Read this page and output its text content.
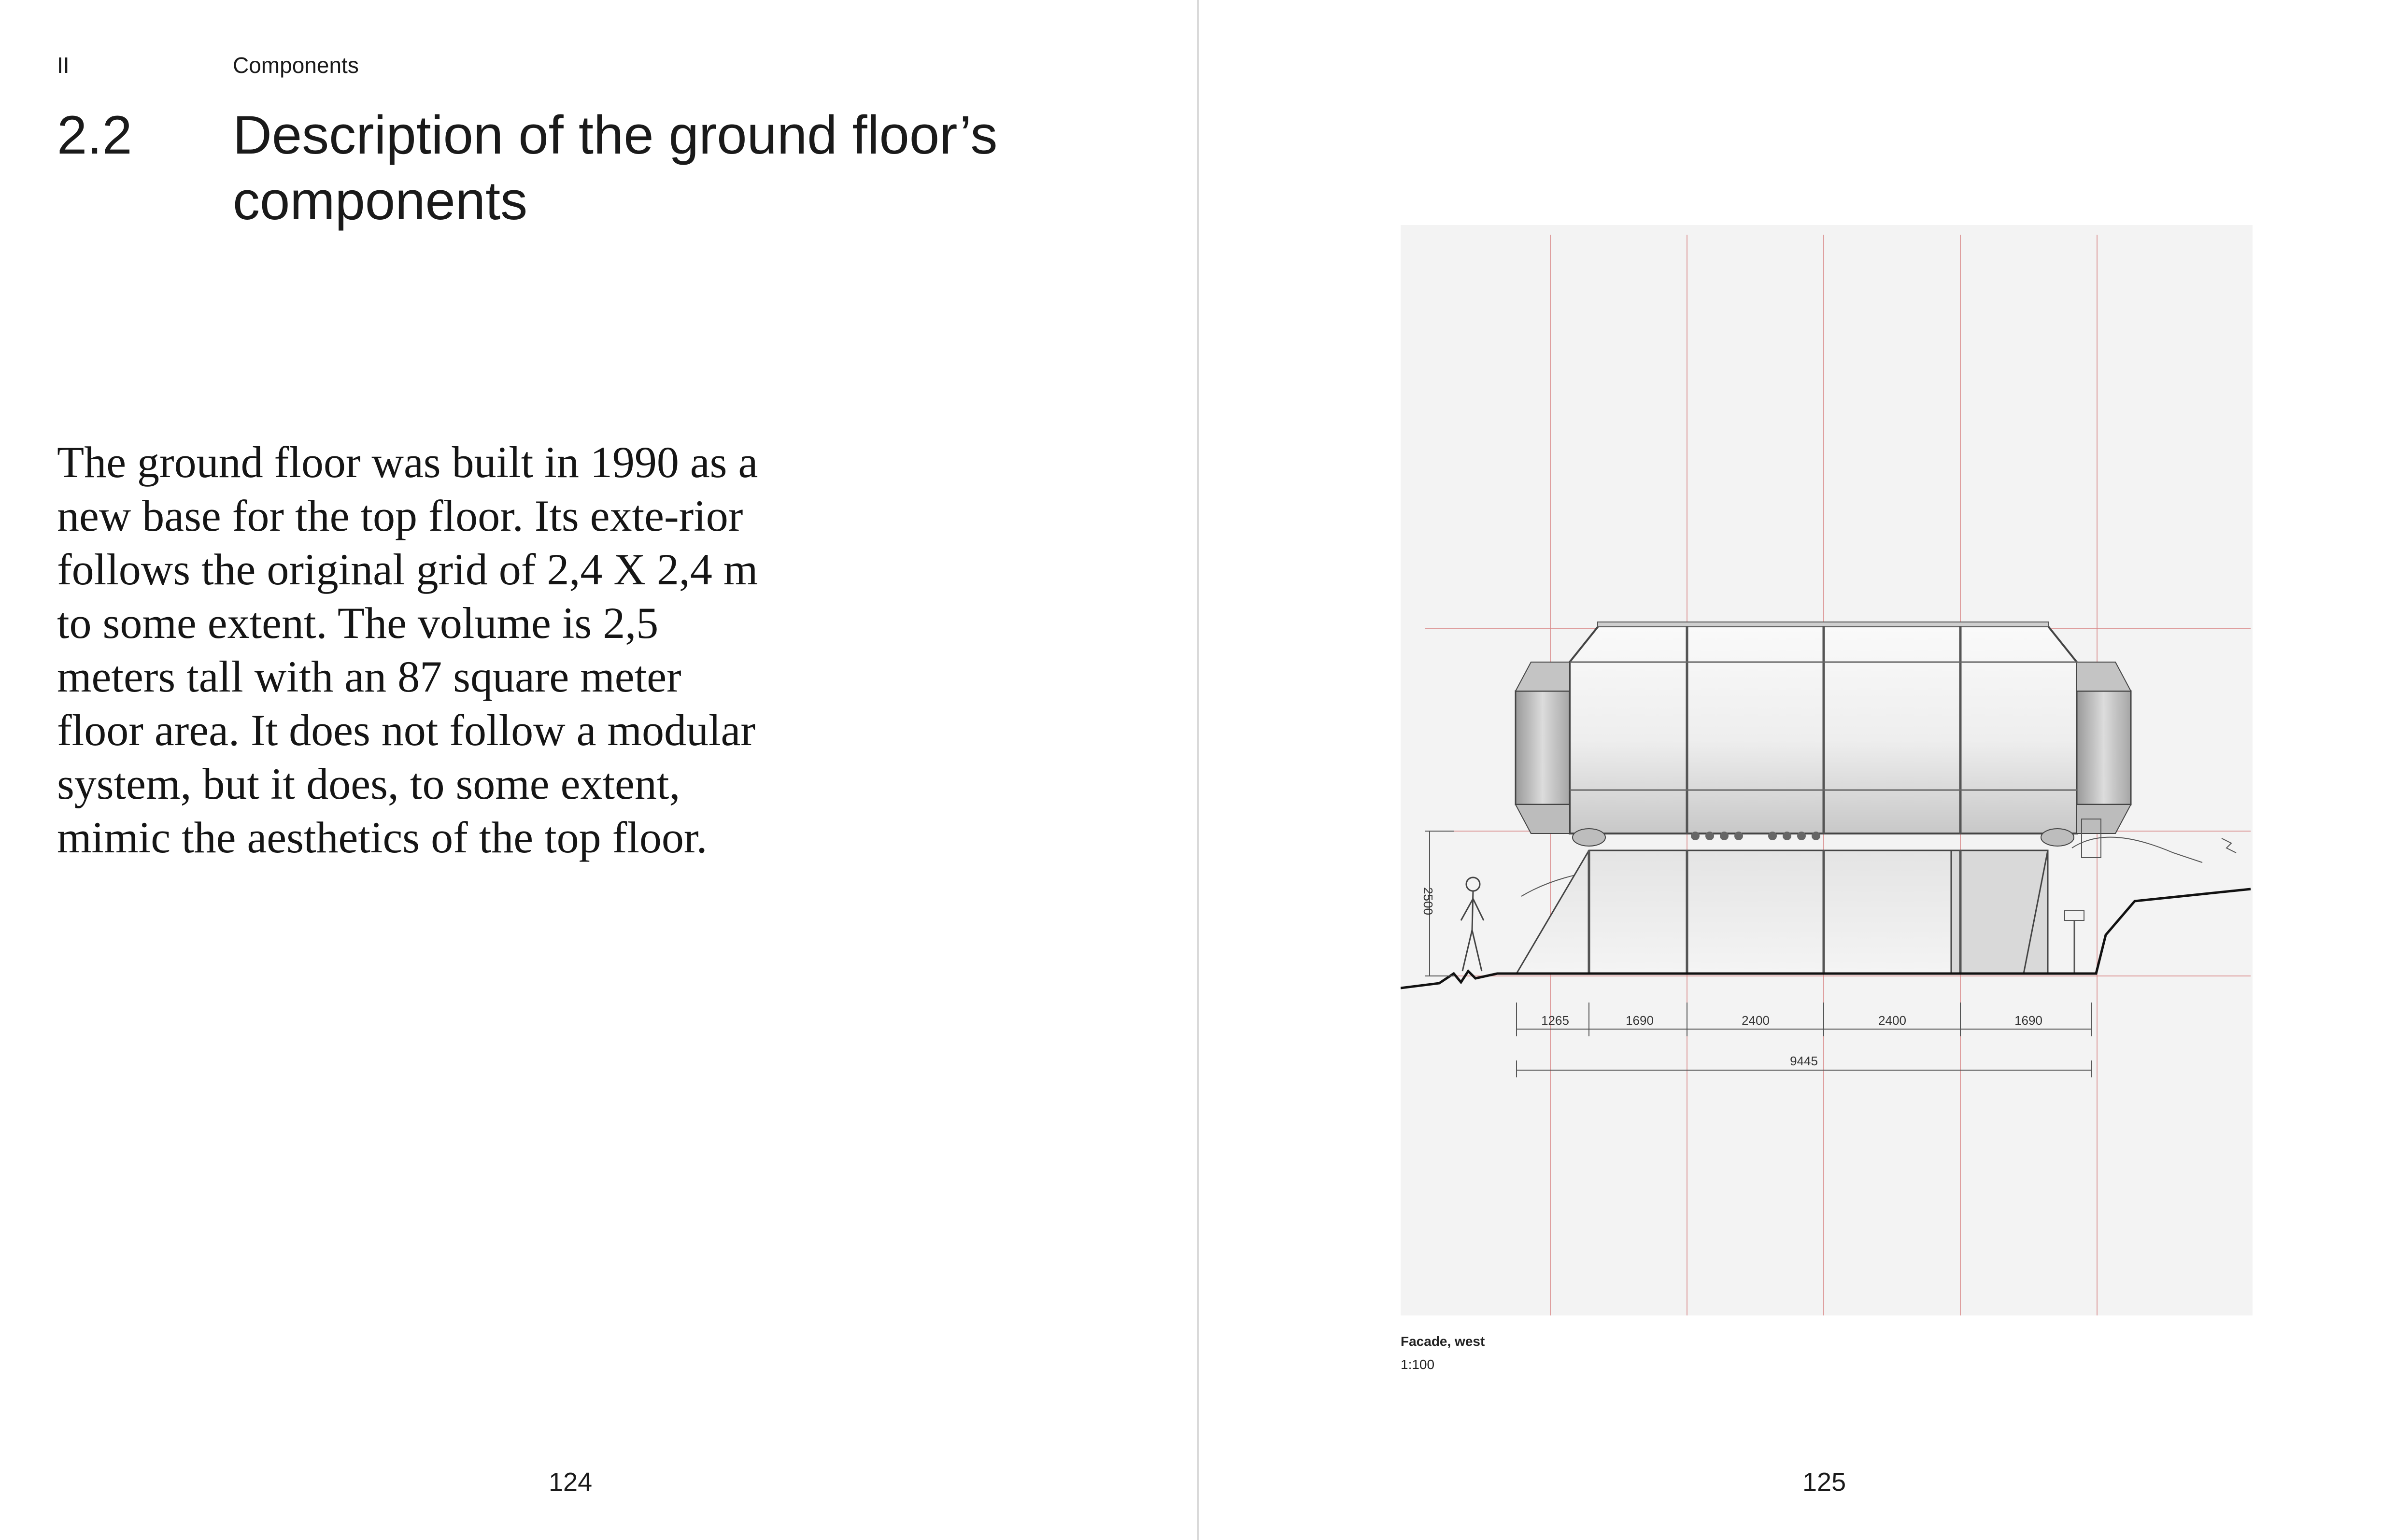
II	Components
2.2 Description of the ground floor’s components

The ground floor was built in 1990 as a new base for the top floor. Its exte-rior follows the original grid of 2,4 X 2,4 m to some extent. The volume is 2,5 meters tall with an 87 square meter floor area. It does not follow a modular system, but it does, to some extent, mimic the aesthetics of the top floor.

124
2500
1265	1690	2400	2400	1690
9445
Facade, west
1:100
125
